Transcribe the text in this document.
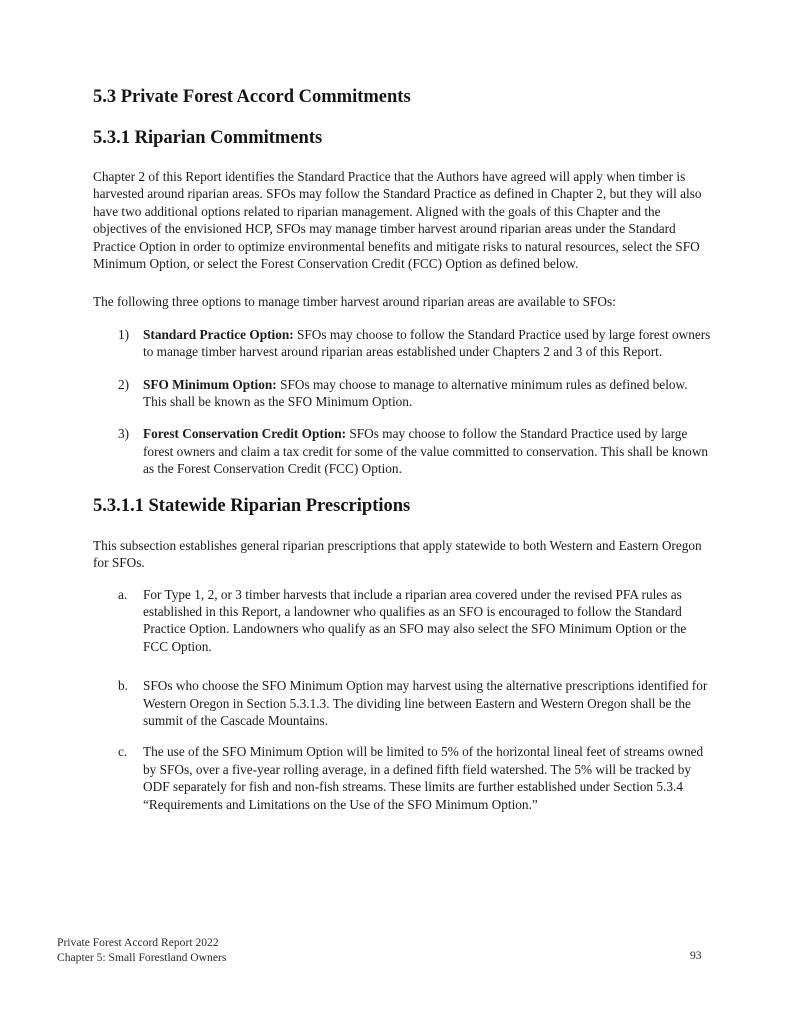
5.3 Private Forest Accord Commitments
5.3.1 Riparian Commitments

Chapter 2 of this Report identifies the Standard Practice that the Authors have agreed will apply when timber is harvested around riparian areas. SFOs may follow the Standard Practice as defined in Chapter 2, but they will also have two additional options related to riparian management. Aligned with the goals of this Chapter and the objectives of the envisioned HCP, SFOs may manage timber harvest around riparian areas under the Standard Practice Option in order to optimize environmental benefits and mitigate risks to natural resources, select the SFO Minimum Option, or select the Forest Conservation Credit (FCC) Option as defined below.

The following three options to manage timber harvest around riparian areas are available to SFOs:

1) Standard Practice Option: SFOs may choose to follow the Standard Practice used by large forest owners to manage timber harvest around riparian areas established under Chapters 2 and 3 of this Report.
2) SFO Minimum Option: SFOs may choose to manage to alternative minimum rules as defined below. This shall be known as the SFO Minimum Option.
3) Forest Conservation Credit Option: SFOs may choose to follow the Standard Practice used by large forest owners and claim a tax credit for some of the value committed to conservation. This shall be known as the Forest Conservation Credit (FCC) Option.
5.3.1.1 Statewide Riparian Prescriptions

This subsection establishes general riparian prescriptions that apply statewide to both Western and Eastern Oregon for SFOs.

a. For Type 1, 2, or 3 timber harvests that include a riparian area covered under the revised PFA rules as established in this Report, a landowner who qualifies as an SFO is encouraged to follow the Standard Practice Option. Landowners who qualify as an SFO may also select the SFO Minimum Option or the FCC Option.
b. SFOs who choose the SFO Minimum Option may harvest using the alternative prescriptions identified for Western Oregon in Section 5.3.1.3. The dividing line between Eastern and Western Oregon shall be the summit of the Cascade Mountains.
c. The use of the SFO Minimum Option will be limited to 5% of the horizontal lineal feet of streams owned by SFOs, over a five-year rolling average, in a defined fifth field watershed. The 5% will be tracked by ODF separately for fish and non-fish streams. These limits are further established under Section 5.3.4 “Requirements and Limitations on the Use of the SFO Minimum Option.”
Private Forest Accord Report 2022
Chapter 5: Small Forestland Owners	93
